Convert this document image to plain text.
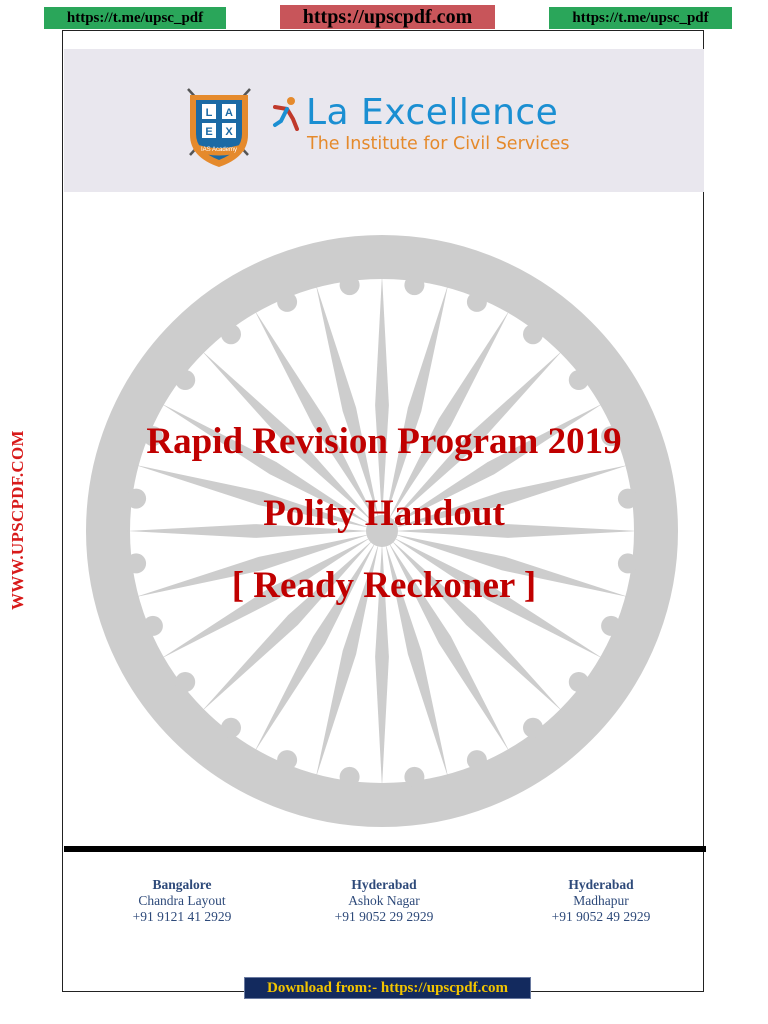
https://t.me/upsc_pdf	https://upscpdf.com	https://t.me/upsc_pdf
WWW.UPSCPDF.COM
L A
E X
IAS Academy
La Excellence
The Institute for Civil Services
Rapid Revision Program 2019
Polity Handout
[ Ready Reckoner ]
Bangalore
Chandra Layout
+91 9121 41 2929
Hyderabad
Ashok Nagar
+91 9052 29 2929
Hyderabad
Madhapur
+91 9052 49 2929
Download from:- https://upscpdf.com
